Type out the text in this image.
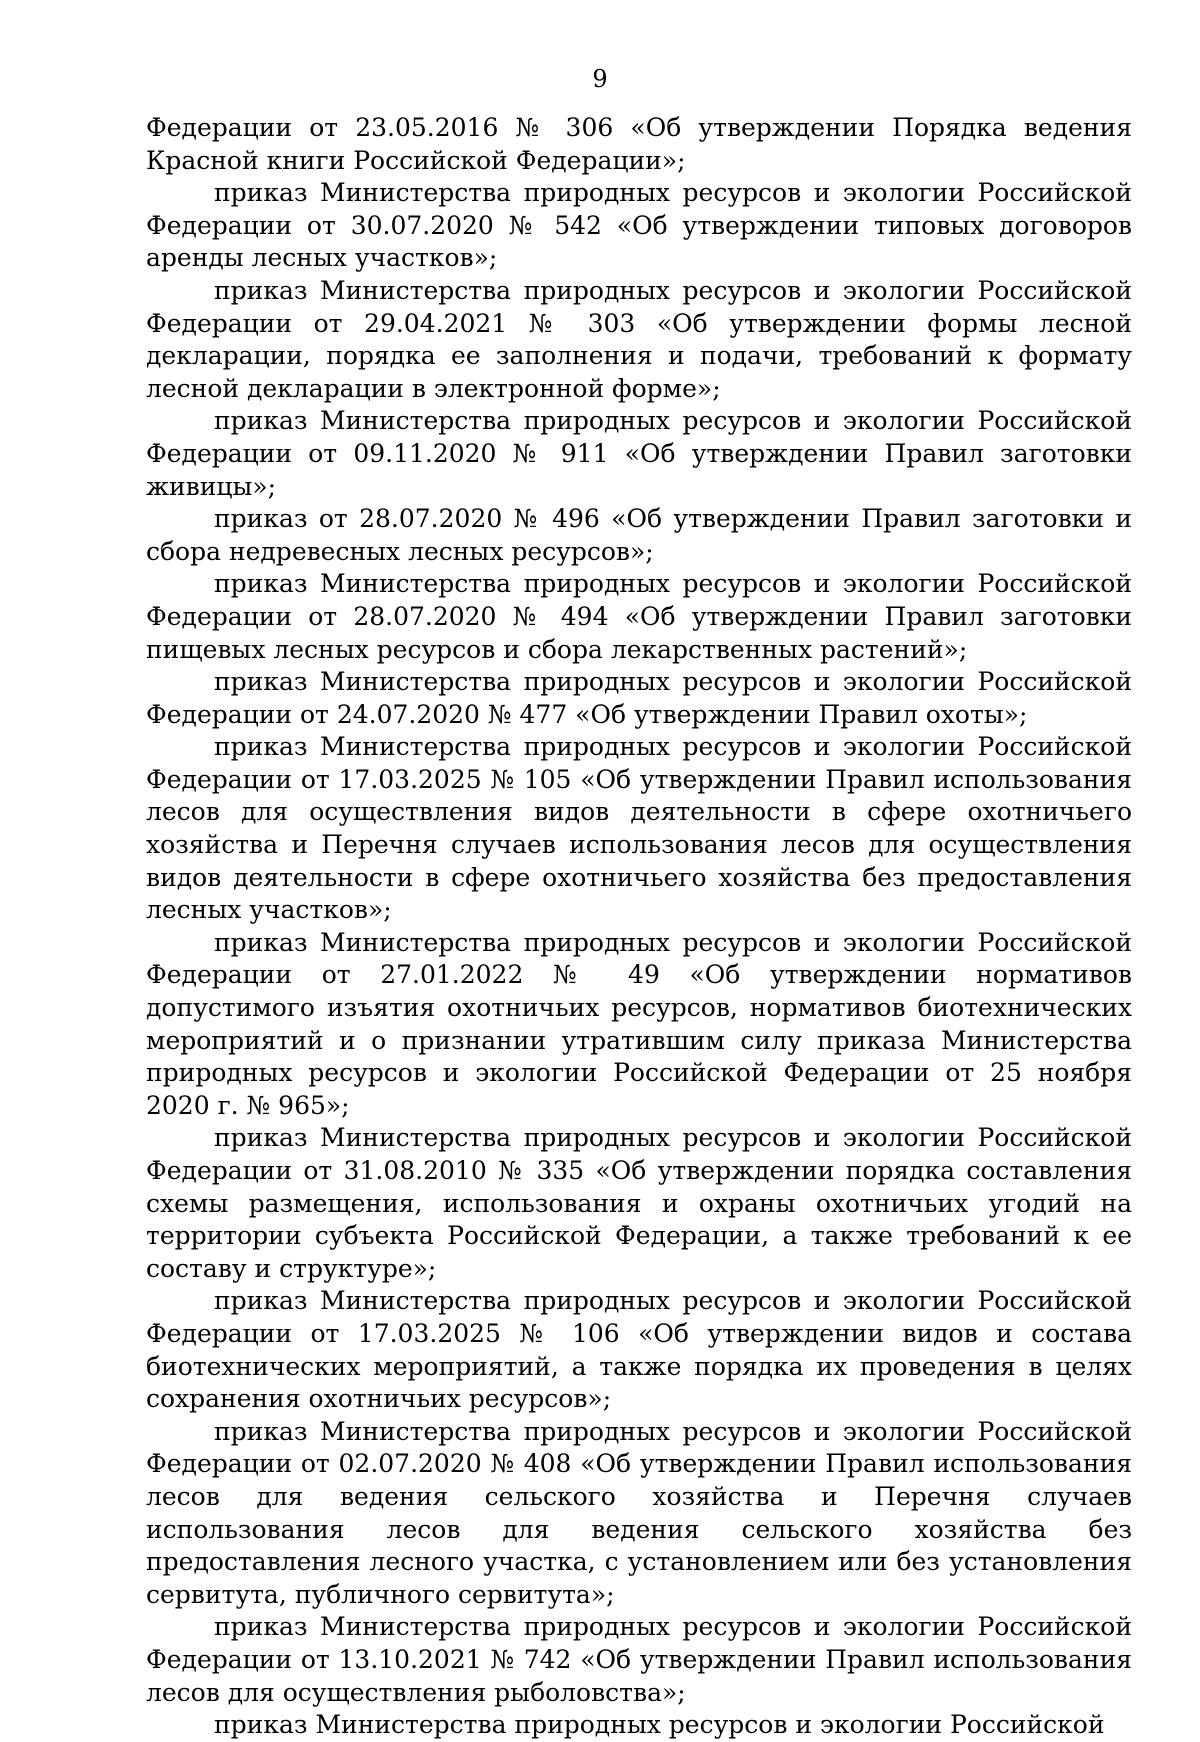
9

Федерации от 23.05.2016 № 306 «Об утверждении Порядка ведения Красной книги Российской Федерации»;

приказ Министерства природных ресурсов и экологии Российской Федерации от 30.07.2020 № 542 «Об утверждении типовых договоров аренды лесных участков»;

приказ Министерства природных ресурсов и экологии Российской Федерации от 29.04.2021 № 303 «Об утверждении формы лесной декларации, порядка ее заполнения и подачи, требований к формату лесной декларации в электронной форме»;

приказ Министерства природных ресурсов и экологии Российской Федерации от 09.11.2020 № 911 «Об утверждении Правил заготовки живицы»;

приказ от 28.07.2020 № 496 «Об утверждении Правил заготовки и сбора недревесных лесных ресурсов»;

приказ Министерства природных ресурсов и экологии Российской Федерации от 28.07.2020 № 494 «Об утверждении Правил заготовки пищевых лесных ресурсов и сбора лекарственных растений»;

приказ Министерства природных ресурсов и экологии Российской Федерации от 24.07.2020 № 477 «Об утверждении Правил охоты»;

приказ Министерства природных ресурсов и экологии Российской Федерации от 17.03.2025 № 105 «Об утверждении Правил использования лесов для осуществления видов деятельности в сфере охотничьего хозяйства и Перечня случаев использования лесов для осуществления видов деятельности в сфере охотничьего хозяйства без предоставления лесных участков»;

приказ Министерства природных ресурсов и экологии Российской Федерации от 27.01.2022 № 49 «Об утверждении нормативов допустимого изъятия охотничьих ресурсов, нормативов биотехнических мероприятий и о признании утратившим силу приказа Министерства природных ресурсов и экологии Российской Федерации от 25 ноября 2020 г. № 965»;

приказ Министерства природных ресурсов и экологии Российской Федерации от 31.08.2010 № 335 «Об утверждении порядка составления схемы размещения, использования и охраны охотничьих угодий на территории субъекта Российской Федерации, а также требований к ее составу и структуре»;

приказ Министерства природных ресурсов и экологии Российской Федерации от 17.03.2025 № 106 «Об утверждении видов и состава биотехнических мероприятий, а также порядка их проведения в целях сохранения охотничьих ресурсов»;

приказ Министерства природных ресурсов и экологии Российской Федерации от 02.07.2020 № 408 «Об утверждении Правил использования лесов для ведения сельского хозяйства и Перечня случаев использования лесов для ведения сельского хозяйства без предоставления лесного участка, с установлением или без установления сервитута, публичного сервитута»;

приказ Министерства природных ресурсов и экологии Российской Федерации от 13.10.2021 № 742 «Об утверждении Правил использования лесов для осуществления рыболовства»;

приказ Министерства природных ресурсов и экологии Российской
